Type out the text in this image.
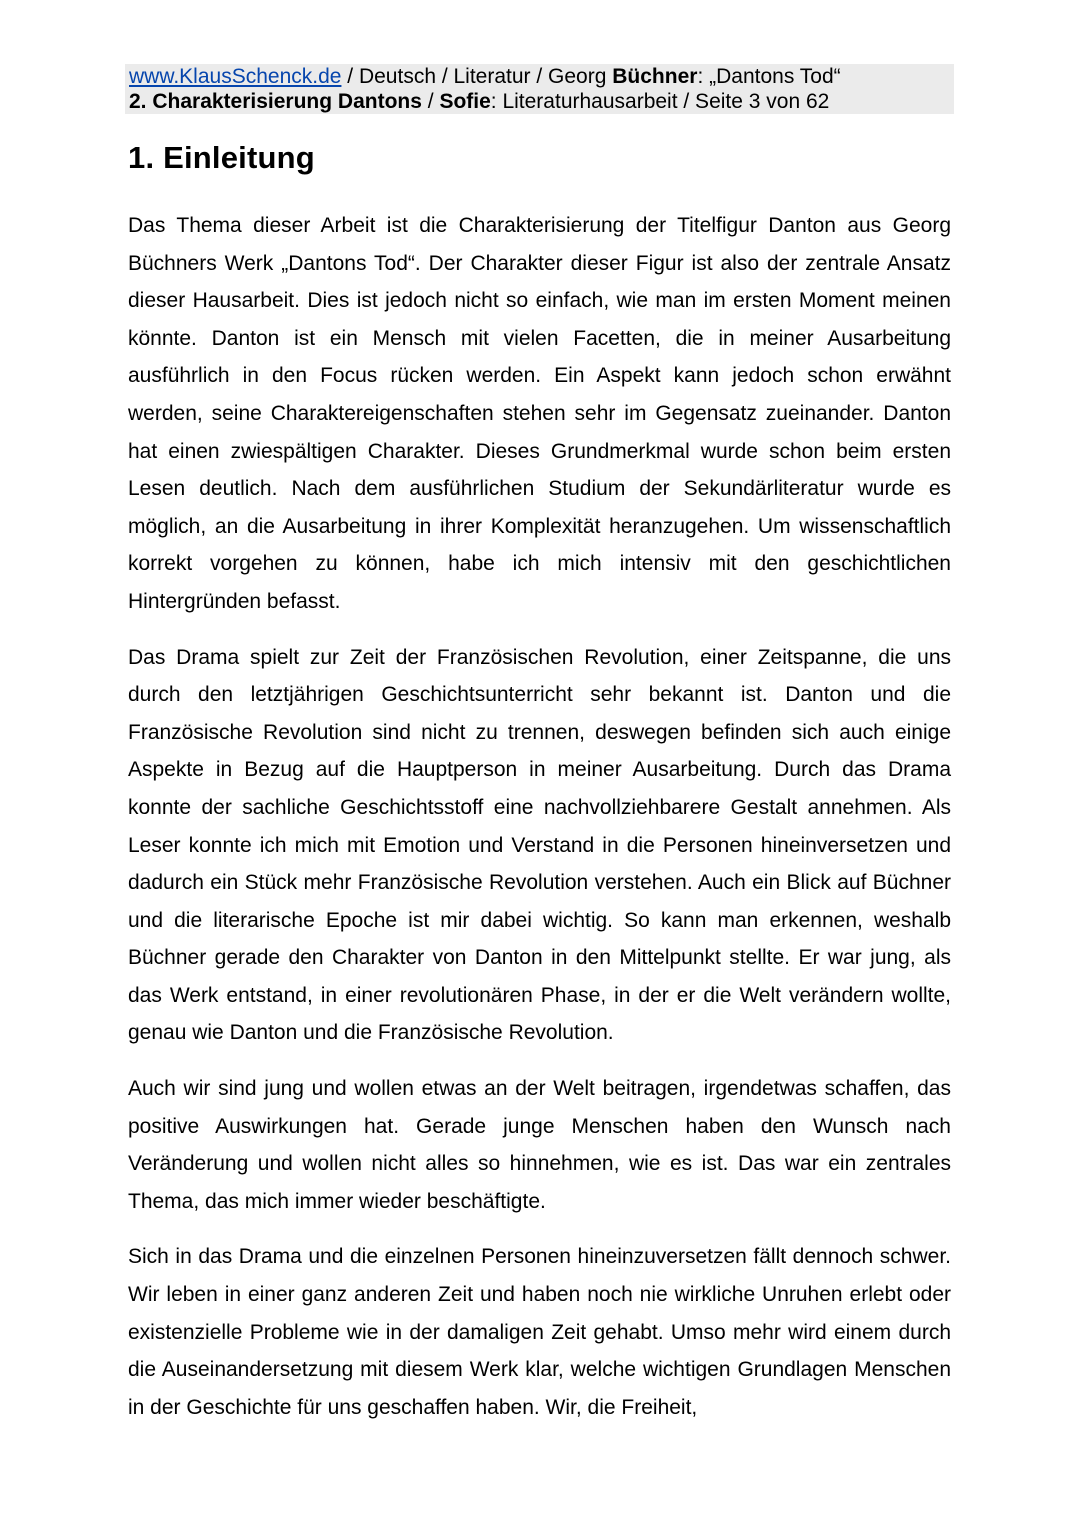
www.KlausSchenck.de / Deutsch / Literatur / Georg Büchner: „Dantons Tod“
2. Charakterisierung Dantons / Sofie: Literaturhausarbeit / Seite 3 von 62
1. Einleitung

Das Thema dieser Arbeit ist die Charakterisierung der Titelfigur Danton aus Georg Büchners Werk „Dantons Tod“. Der Charakter dieser Figur ist also der zentrale Ansatz dieser Hausarbeit. Dies ist jedoch nicht so einfach, wie man im ersten Moment meinen könnte. Danton ist ein Mensch mit vielen Facetten, die in meiner Ausarbeitung ausführlich in den Focus rücken werden. Ein Aspekt kann jedoch schon erwähnt werden, seine Charaktereigenschaften stehen sehr im Gegensatz zueinander. Danton hat einen zwiespältigen Charakter. Dieses Grundmerkmal wurde schon beim ersten Lesen deutlich. Nach dem ausführlichen Studium der Sekundärliteratur wurde es möglich, an die Ausarbeitung in ihrer Komplexität heranzugehen. Um wissenschaftlich korrekt vorgehen zu können, habe ich mich intensiv mit den geschichtlichen Hintergründen befasst.

Das Drama spielt zur Zeit der Französischen Revolution, einer Zeitspanne, die uns durch den letztjährigen Geschichtsunterricht sehr bekannt ist. Danton und die Französische Revolution sind nicht zu trennen, deswegen befinden sich auch einige Aspekte in Bezug auf die Hauptperson in meiner Ausarbeitung. Durch das Drama konnte der sachliche Geschichtsstoff eine nachvollziehbarere Gestalt annehmen. Als Leser konnte ich mich mit Emotion und Verstand in die Personen hineinversetzen und dadurch ein Stück mehr Französische Revolution verstehen. Auch ein Blick auf Büchner und die literarische Epoche ist mir dabei wichtig. So kann man erkennen, weshalb Büchner gerade den Charakter von Danton in den Mittelpunkt stellte. Er war jung, als das Werk entstand, in einer revolutionären Phase, in der er die Welt verändern wollte, genau wie Danton und die Französische Revolution.

Auch wir sind jung und wollen etwas an der Welt beitragen, irgendetwas schaffen, das positive Auswirkungen hat. Gerade junge Menschen haben den Wunsch nach Veränderung und wollen nicht alles so hinnehmen, wie es ist. Das war ein zentrales Thema, das mich immer wieder beschäftigte.

Sich in das Drama und die einzelnen Personen hineinzuversetzen fällt dennoch schwer. Wir leben in einer ganz anderen Zeit und haben noch nie wirkliche Unruhen erlebt oder existenzielle Probleme wie in der damaligen Zeit gehabt. Umso mehr wird einem durch die Auseinandersetzung mit diesem Werk klar, welche wichtigen Grundlagen Menschen in der Geschichte für uns geschaffen haben. Wir, die Freiheit,
